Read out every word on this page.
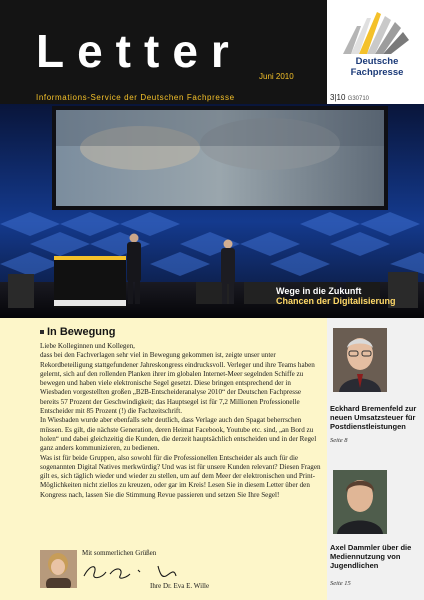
Letter Juni 2010
Deutsche
Fachpresse
Informations-Service der Deutschen Fachpresse	3|10 G30710
Wege in die Zukunft
Chancen der Digitalisierung
In Bewegung

Liebe Kolleginnen und Kollegen,

dass bei den Fachverlagen sehr viel in Bewegung gekommen ist, zeigte unser unter Rekordbeteiligung stattgefundener Jahreskongress eindrucksvoll. Verleger und ihre Teams haben gelernt, sich auf den rollenden Planken ihrer im globalen Internet-Meer segelnden Schiffe zu bewegen und haben viele elektronische Segel gesetzt. Diese bringen entsprechend der in Wiesbaden vorgestellten großen „B2B-Entscheideranalyse 2010“ der Deutschen Fachpresse bereits 57 Prozent der Geschwindigkeit; das Hauptsegel ist für 7,2 Millionen Professionelle Entscheider mit 85 Prozent (!) die Fachzeitschrift.

In Wiesbaden wurde aber ebenfalls sehr deutlich, dass Verlage auch den Spagat beherrschen müssen. Es gilt, die nächste Generation, deren Heimat Facebook, Youtube etc. sind, „an Bord zu holen“ und dabei gleichzeitig die Kunden, die derzeit hauptsächlich entscheiden und in der Regel ganz anders kommunizieren, zu bedienen.

Was ist für beide Gruppen, also sowohl für die Professionellen Entscheider als auch für die sogenannten Digital Natives merkwürdig? Und was ist für unsere Kunden relevant? Diesen Fragen gilt es, sich täglich wieder und wieder zu stellen, um auf dem Meer der elektronischen und Print-Möglichkeiten nicht ziellos zu kreuzen, oder gar im Kreis! Lesen Sie in diesem Letter über den Kongress nach, lassen Sie die Stimmung Revue passieren und setzen Sie Ihre Segel!

Mit sommerlichen Grüßen
Ihre Dr. Eva E. Wille
Eckhard Bremenfeld zur neuen Umsatzsteuer für Postdienstleistungen
Seite 8
Axel Dammler über die Mediennutzung von Jugendlichen
Seite 15
